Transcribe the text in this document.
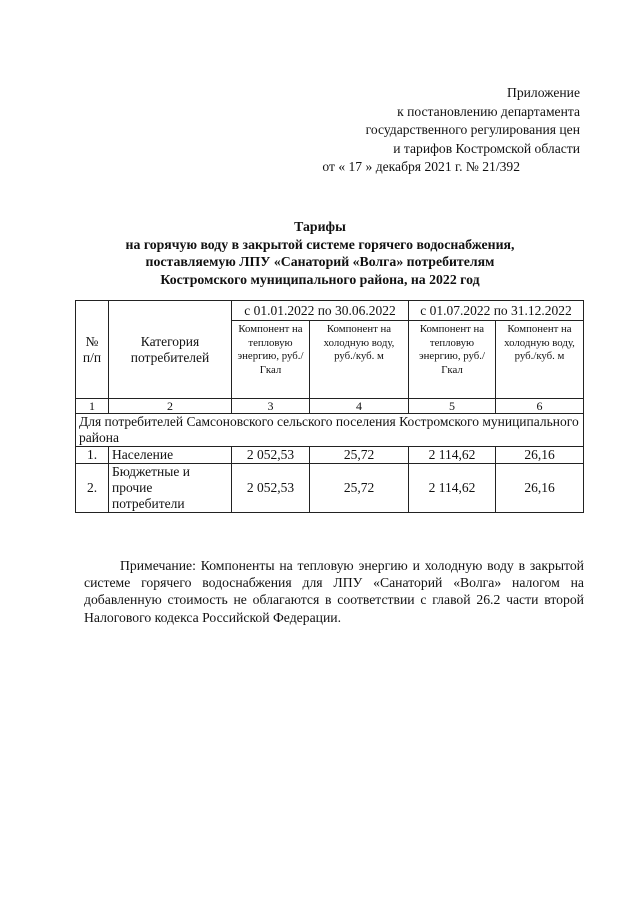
Приложение
к постановлению департамента
государственного регулирования цен
и тарифов Костромской области
от « 17 » декабря 2021 г. № 21/392
Тарифы
на горячую воду в закрытой системе горячего водоснабжения,
поставляемую ЛПУ «Санаторий «Волга» потребителям
Костромского муниципального района, на 2022 год
№ п/п	Категория потребителей	с 01.01.2022 по 30.06.2022		с 01.07.2022 по 31.12.2022	
		Компонент на тепловую энергию, руб./Гкал	Компонент на холодную воду, руб./куб. м	Компонент на тепловую энергию, руб./Гкал	Компонент на холодную воду, руб./куб. м
1	2	3	4	5	6
Для потребителей Самсоновского сельского поселения Костромского муниципального района					
1.	Население	2 052,53	25,72	2 114,62	26,16
2.	Бюджетные и прочие потребители	2 052,53	25,72	2 114,62	26,16

Примечание: Компоненты на тепловую энергию и холодную воду в закрытой системе горячего водоснабжения для ЛПУ «Санаторий «Волга» налогом на добавленную стоимость не облагаются в соответствии с главой 26.2 части второй Налогового кодекса Российской Федерации.
